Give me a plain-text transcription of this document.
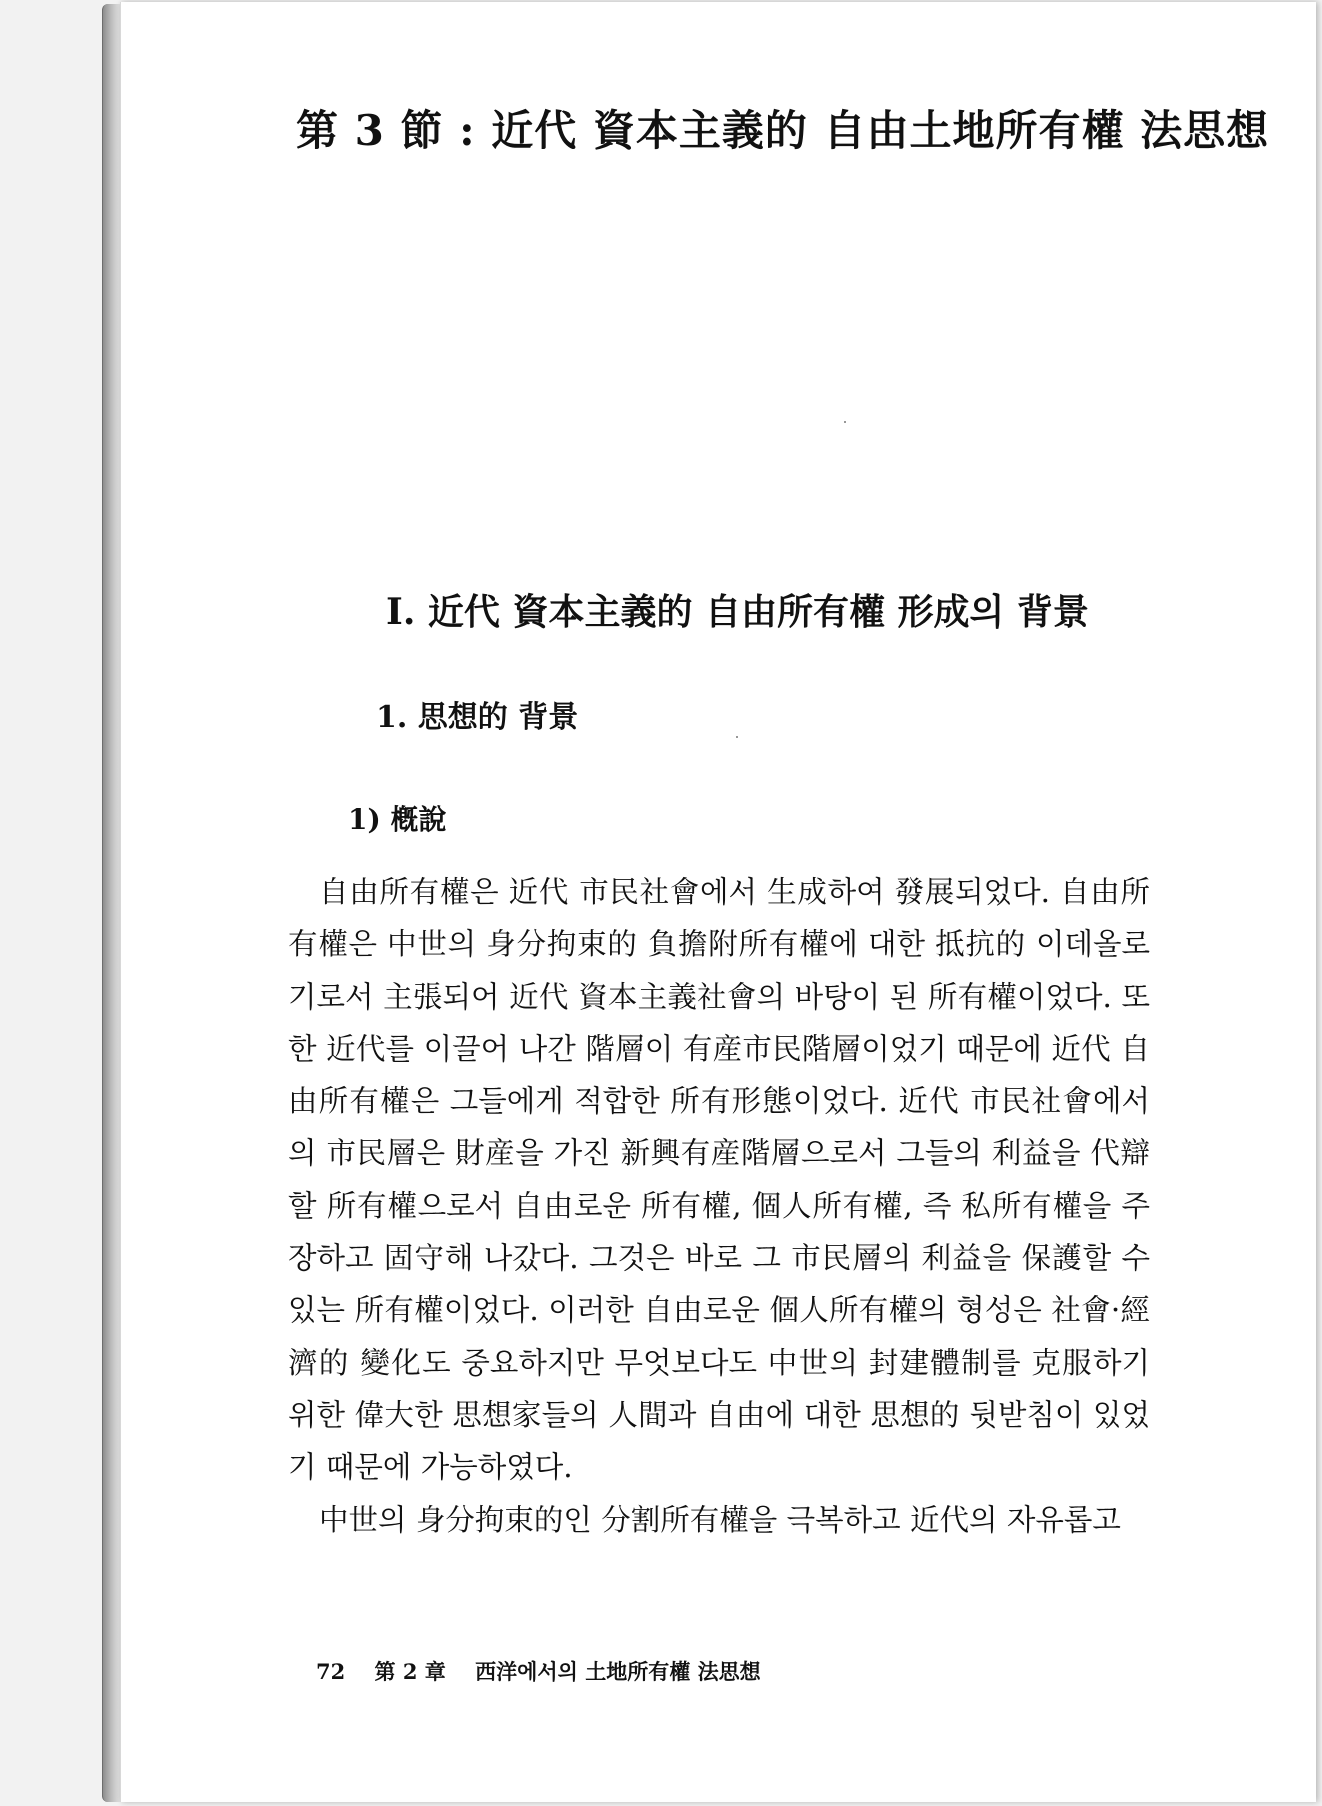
第 3 節 : 近代 資本主義的 自由土地所有權 法思想
Ⅰ. 近代 資本主義的 自由所有權 形成의 背景
1. 思想的 背景
1) 槪說

自由所有權은 近代 市民社會에서 生成하여 發展되었다. 自由所有權은 中世의 身分拘束的 負擔附所有權에 대한 抵抗的 이데올로기로서 主張되어 近代 資本主義社會의 바탕이 된 所有權이었다. 또한 近代를 이끌어 나간 階層이 有産市民階層이었기 때문에 近代 自由所有權은 그들에게 적합한 所有形態이었다. 近代 市民社會에서의 市民層은 財産을 가진 新興有産階層으로서 그들의 利益을 代辯할 所有權으로서 自由로운 所有權, 個人所有權, 즉 私所有權을 주장하고 固守해 나갔다. 그것은 바로 그 市民層의 利益을 保護할 수 있는 所有權이었다. 이러한 自由로운 個人所有權의 형성은 社會·經濟的 變化도 중요하지만 무엇보다도 中世의 封建體制를 克服하기 위한 偉大한 思想家들의 人間과 自由에 대한 思想的 뒷받침이 있었기 때문에 가능하였다.

中世의 身分拘束的인 分割所有權을 극복하고 近代의 자유롭고

72 第 2 章 西洋에서의 土地所有權 法思想
